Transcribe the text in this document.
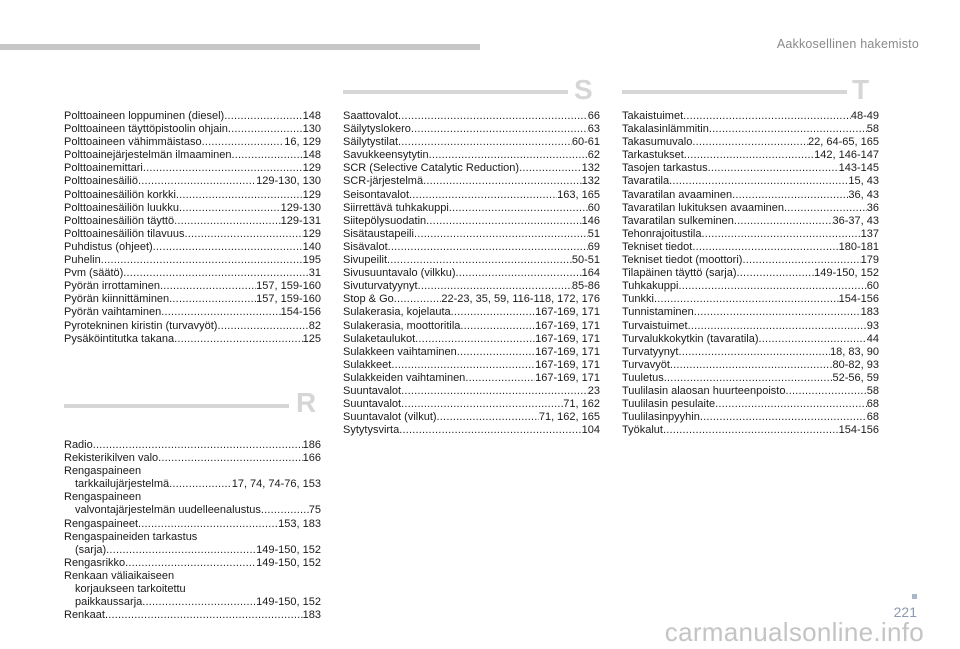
Aakkosellinen hakemisto
Polttoaineen loppuminen (diesel) .....	148
Polttoaineen täyttöpistoolin ohjain .....	130
Polttoaineen vähimmäistaso .....	16, 129
Polttoainejärjestelmän ilmaaminen .....	148
Polttoainemittari .....	129
Polttoainesäiliö .....	129-130, 130
Polttoainesäiliön korkki .....	129
Polttoainesäiliön luukku .....	129-130
Polttoainesäiliön täyttö .....	129-131
Polttoainesäiliön tilavuus .....	129
Puhdistus (ohjeet) .....	140
Puhelin .....	195
Pvm (säätö) .....	31
Pyörän irrottaminen .....	157, 159-160
Pyörän kiinnittäminen .....	157, 159-160
Pyörän vaihtaminen .....	154-156
Pyrotekninen kiristin (turvavyöt) .....	82
Pysäköintitutka takana .....	125
R
Radio .....	186
Rekisterikilven valo .....	166
Rengaspaineen
tarkkailujärjestelmä .....	17, 74, 74-76, 153
Rengaspaineen
valvontajärjestelmän uudelleenalustus .....	75
Rengaspaineet .....	153, 183
Rengaspaineiden tarkastus
(sarja) .....	149-150, 152
Rengasrikko .....	149-150, 152
Renkaan väliaikaiseen
korjaukseen tarkoitettu
paikkaussarja .....	149-150, 152
Renkaat .....	183
S
Saattovalot .....	66
Säilytyslokero .....	63
Säilytystilat .....	60-61
Savukkeensytytin .....	62
SCR (Selective Catalytic Reduction) .....	132
SCR-järjestelmä .....	132
Seisontavalot .....	163, 165
Siirrettävä tuhkakuppi .....	60
Siitepölysuodatin .....	146
Sisätaustapeili .....	51
Sisävalot .....	69
Sivupeilit .....	50-51
Sivusuuntavalo (vilkku) .....	164
Sivuturvatyynyt .....	85-86
Stop & Go .....	22-23, 35, 59, 116-118, 172, 176
Sulakerasia, kojelauta .....	167-169, 171
Sulakerasia, moottoritila .....	167-169, 171
Sulaketaulukot .....	167-169, 171
Sulakkeen vaihtaminen .....	167-169, 171
Sulakkeet .....	167-169, 171
Sulakkeiden vaihtaminen .....	167-169, 171
Suuntavalot .....	23
Suuntavalot .....	71, 162
Suuntavalot (vilkut) .....	71, 162, 165
Sytytysvirta .....	104
T
Takaistuimet .....	48-49
Takalasinlämmitin .....	58
Takasumuvalo .....	22, 64-65, 165
Tarkastukset .....	142, 146-147
Tasojen tarkastus .....	143-145
Tavaratila .....	15, 43
Tavaratilan avaaminen .....	36, 43
Tavaratilan lukituksen avaaminen .....	36
Tavaratilan sulkeminen .....	36-37, 43
Tehonrajoitustila .....	137
Tekniset tiedot .....	180-181
Tekniset tiedot (moottori) .....	179
Tilapäinen täyttö (sarja) .....	149-150, 152
Tuhkakuppi .....	60
Tunkki .....	154-156
Tunnistaminen .....	183
Turvaistuimet .....	93
Turvalukkokytkin (tavaratila) .....	44
Turvatyynyt .....	18, 83, 90
Turvavyöt .....	80-82, 93
Tuuletus .....	52-56, 59
Tuulilasin alaosan huurteenpoisto .....	58
Tuulilasin pesulaite .....	68
Tuulilasinpyyhin .....	68
Työkalut .....	154-156
221
carmanualsonline.info
